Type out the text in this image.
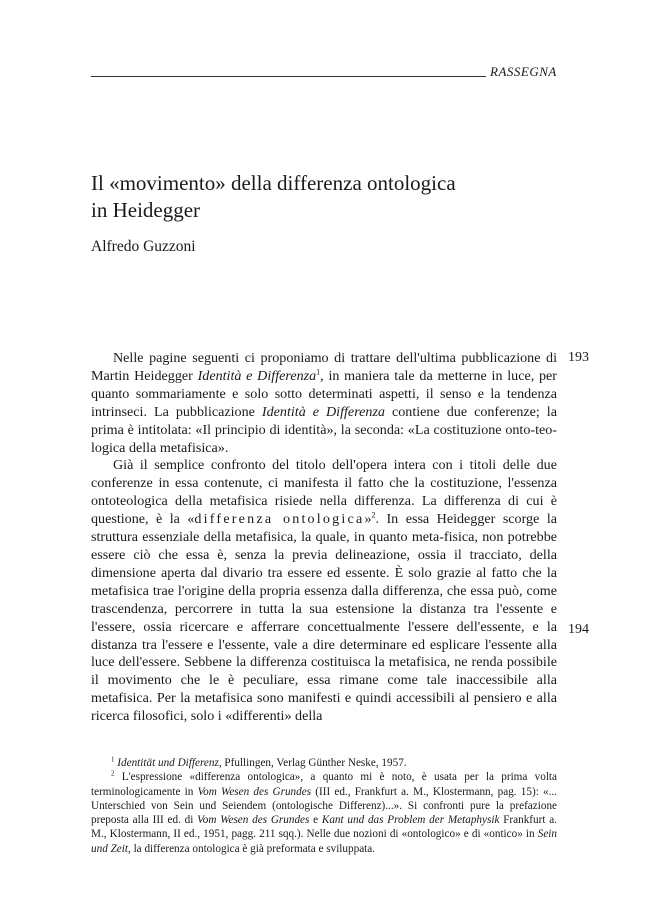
RASSEGNA
Il «movimento» della differenza ontologica
in Heidegger
Alfredo Guzzoni
193
194

Nelle pagine seguenti ci proponiamo di trattare dell'ultima pubblicazione di Martin Heidegger Identità e Differenza$^1$, in maniera tale da metterne in luce, per quanto sommariamente e solo sotto determinati aspetti, il senso e la tendenza intrinseci. La pubblicazione Identità e Differenza contiene due conferenze; la prima è intitolata: «Il principio di identità», la seconda: «La costituzione onto-teo-logica della metafisica».

Già il semplice confronto del titolo dell'opera intera con i titoli delle due conferenze in essa contenute, ci manifesta il fatto che la costituzione, l'essenza ontoteologica della metafisica risiede nella differenza. La differenza di cui è questione, è la «differenza ontologica»$^2$. In essa Heidegger scorge la struttura essenziale della metafisica, la quale, in quanto meta-fisica, non potrebbe essere ciò che essa è, senza la previa delineazione, ossia il tracciato, della dimensione aperta dal divario tra essere ed essente. È solo grazie al fatto che la metafisica trae l'origine della propria essenza dalla differenza, che essa può, come trascendenza, percorrere in tutta la sua estensione la distanza tra l'essente e l'essere, ossia ricercare e afferrare concettualmente l'essere dell'essente, e la distanza tra l'essere e l'essente, vale a dire determinare ed esplicare l'essente alla luce dell'essere. Sebbene la differenza costituisca la metafisica, ne renda possibile il movimento che le è peculiare, essa rimane come tale inaccessibile alla metafisica. Per la metafisica sono manifesti e quindi accessibili al pensiero e alla ricerca filosofici, solo i «differenti» della

$^1$ Identität und Differenz, Pfullingen, Verlag Günther Neske, 1957.

$^2$ L'espressione «differenza ontologica», a quanto mi è noto, è usata per la prima volta terminologicamente in Vom Wesen des Grundes (III ed., Frankfurt a. M., Klostermann, pag. 15): «... Unterschied von Sein und Seiendem (ontologische Differenz)...». Si confronti pure la prefazione preposta alla III ed. di Vom Wesen des Grundes e Kant und das Problem der Metaphysik Frankfurt a. M., Klostermann, II ed., 1951, pagg. 211 sqq.). Nelle due nozioni di «ontologico» e di «ontico» in Sein und Zeit, la differenza ontologica è già preformata e sviluppata.
